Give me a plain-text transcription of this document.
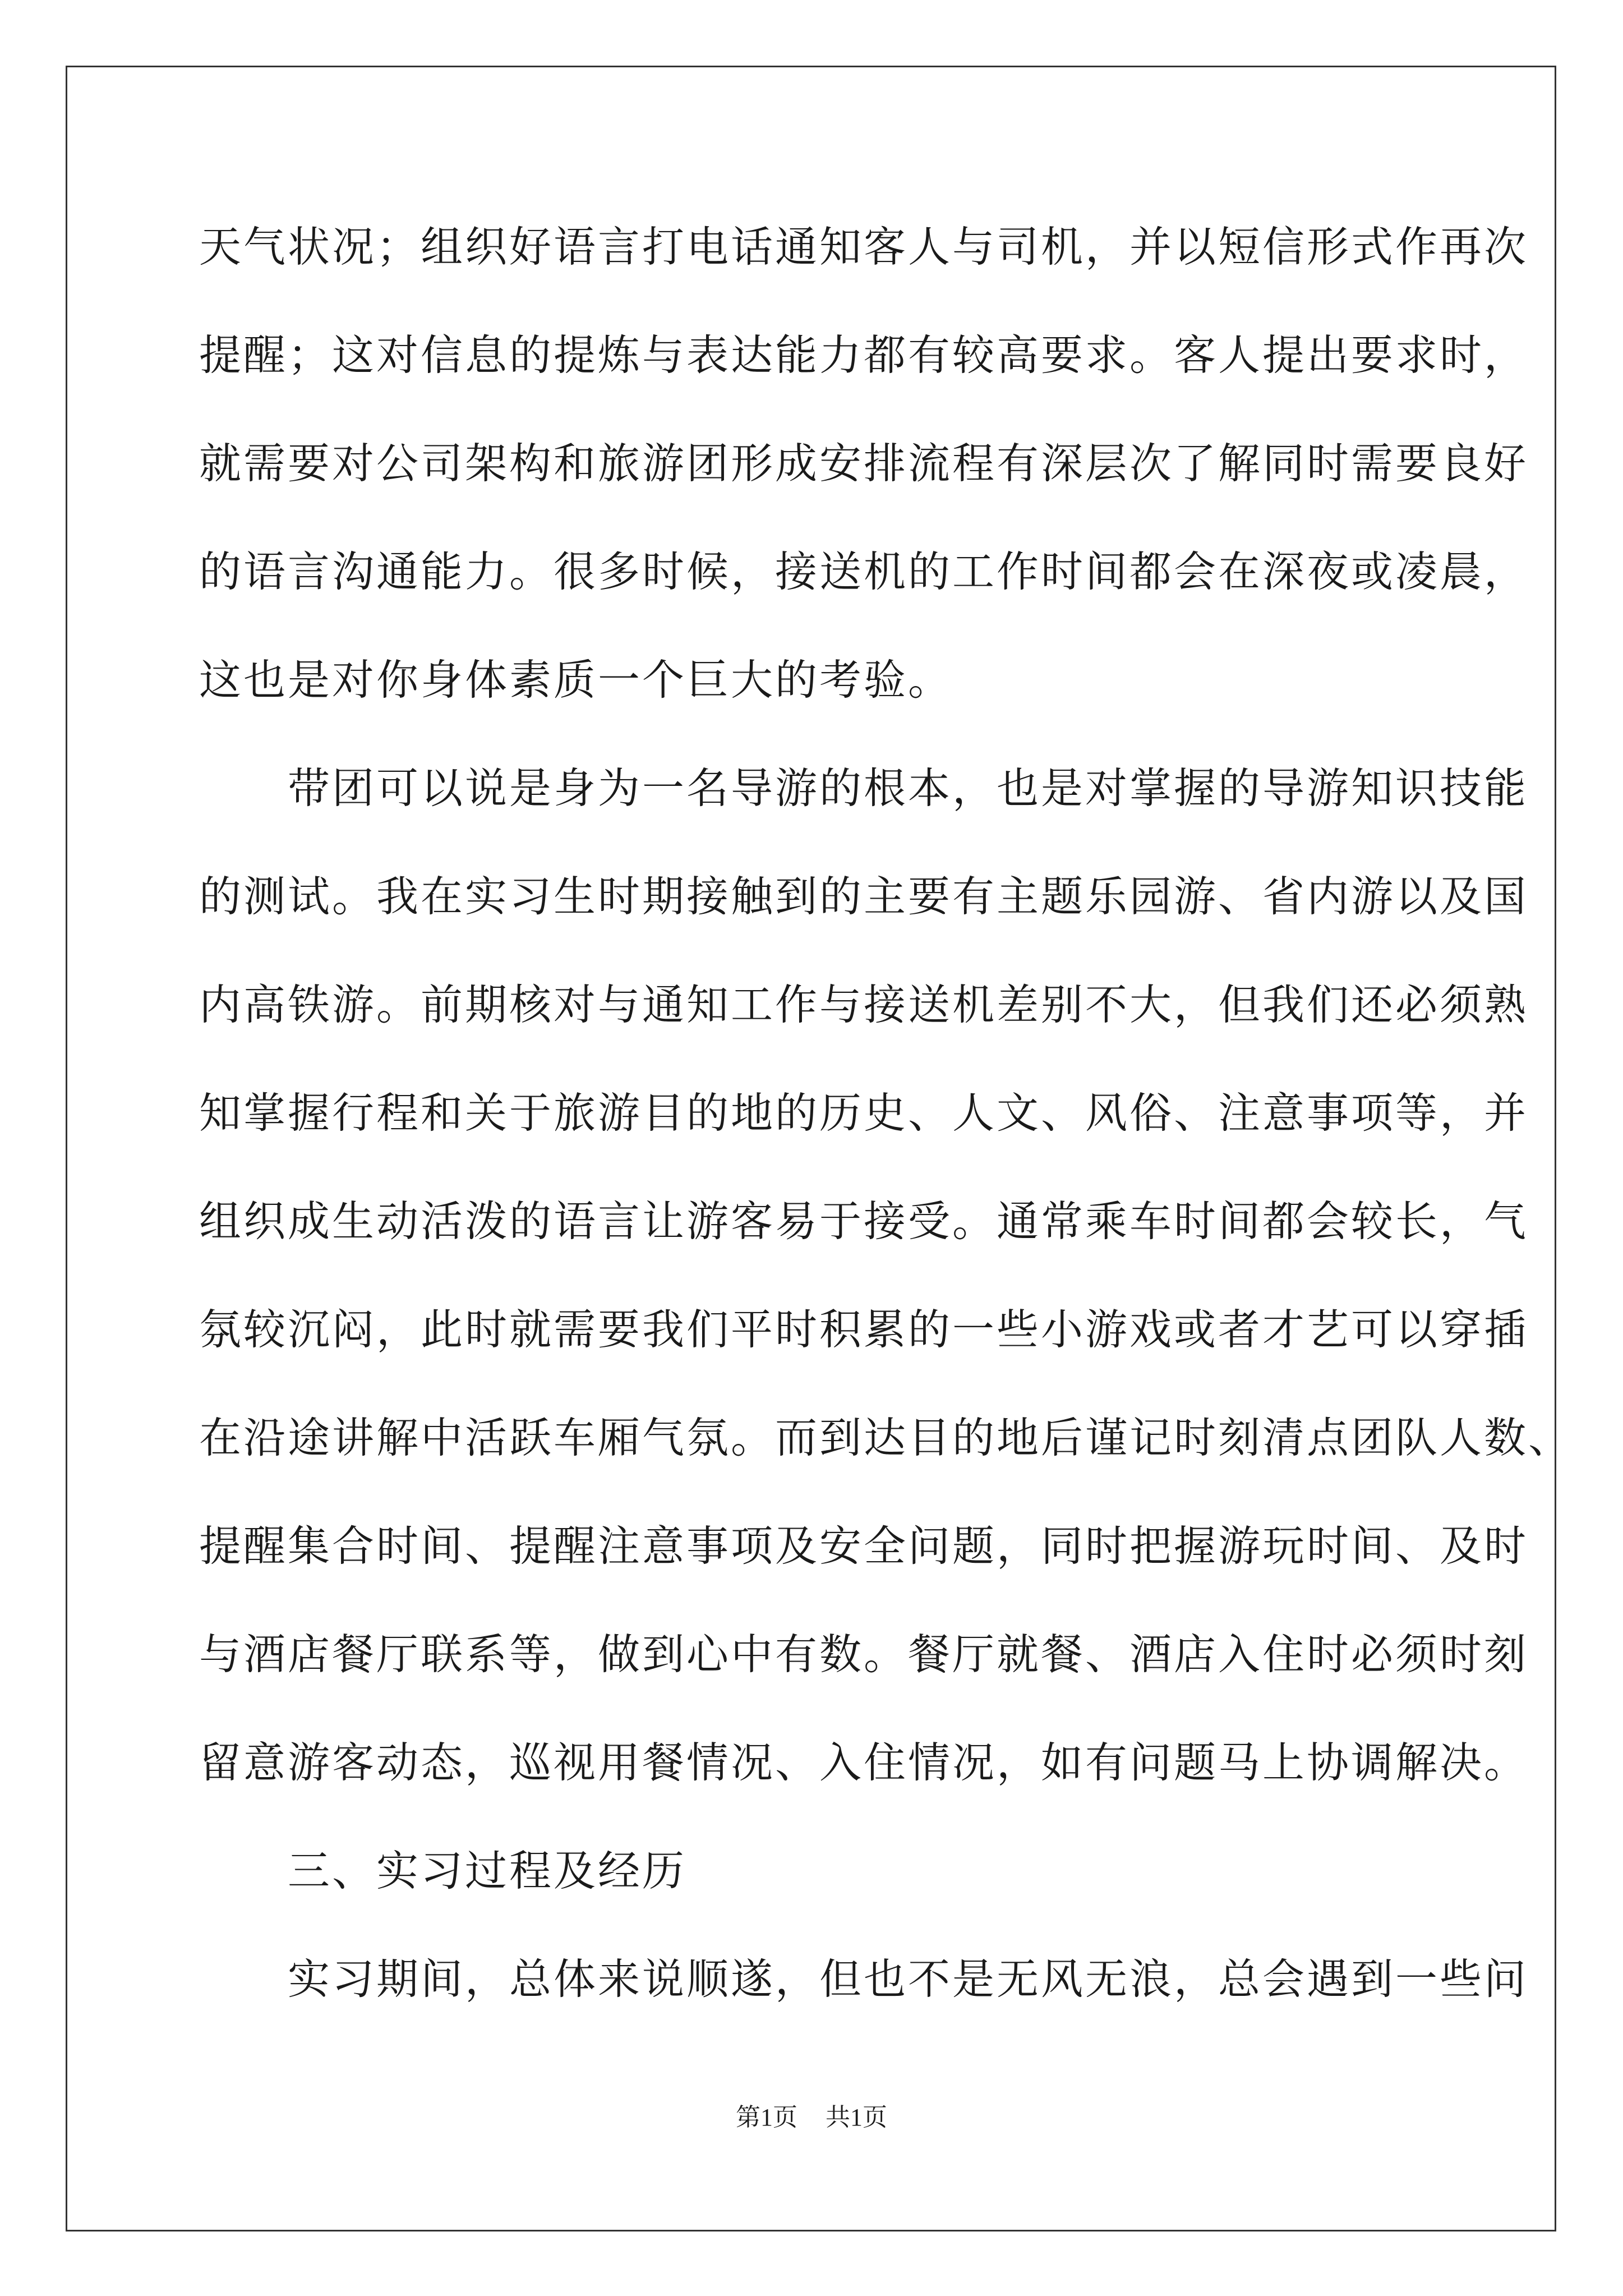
天气状况；组织好语言打电话通知客人与司机，并以短信形式作再次
提醒；这对信息的提炼与表达能力都有较高要求。客人提出要求时，
就需要对公司架构和旅游团形成安排流程有深层次了解同时需要良好
的语言沟通能力。很多时候，接送机的工作时间都会在深夜或凌晨，
这也是对你身体素质一个巨大的考验。
　　带团可以说是身为一名导游的根本，也是对掌握的导游知识技能
的测试。我在实习生时期接触到的主要有主题乐园游、省内游以及国
内高铁游。前期核对与通知工作与接送机差别不大，但我们还必须熟
知掌握行程和关于旅游目的地的历史、人文、风俗、注意事项等，并
组织成生动活泼的语言让游客易于接受。通常乘车时间都会较长，气
氛较沉闷，此时就需要我们平时积累的一些小游戏或者才艺可以穿插
在沿途讲解中活跃车厢气氛。而到达目的地后谨记时刻清点团队人数、
提醒集合时间、提醒注意事项及安全问题，同时把握游玩时间、及时
与酒店餐厅联系等，做到心中有数。餐厅就餐、酒店入住时必须时刻
留意游客动态，巡视用餐情况、入住情况，如有问题马上协调解决。
　　三、实习过程及经历
　　实习期间，总体来说顺遂，但也不是无风无浪，总会遇到一些问
第1页 共1页
